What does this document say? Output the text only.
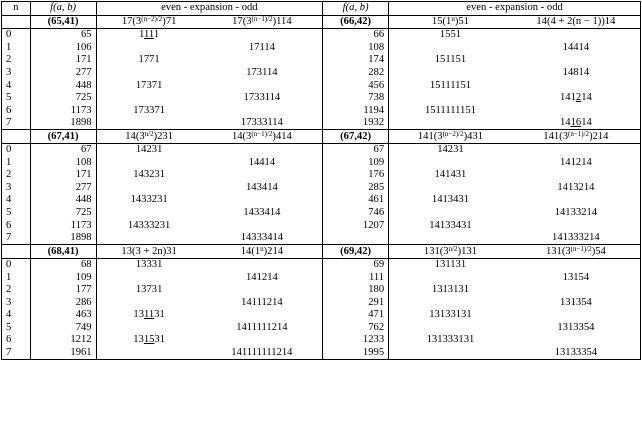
n	f(a, b)	even - expansion - odd		f(a, b)	even - expansion - odd	
	(65,41)	$17(3^{(n-2)/2})71$	$17(3^{(n-1)/2})114$	(66,42)	15(1$^n$)51	14(4 + 2(n − 1))14
0	65	1111		66	1551	
1	106		17114	108		14414
2	171	1771		174	151151	
3	277		173114	282		14814
4	448	17371		456	15111151	
5	725		1733114	738		141214
6	1173	173371		1194	1511111151	
7	1898		17333114	1932		141614
	(67,41)	$14(3^{n/2})231$	$14(3^{(n-1)/2})414$	(67,42)	$141(3^{(n-2)/2})431$	$141(3^{(n-1)/2})214$
0	67	14231		67	14231	
1	108		14414	109		141214
2	171	143231		176	141431	
3	277		143414	285		1413214
4	448	1433231		461	1413431	
5	725		1433414	746		14133214
6	1173	14333231		1207	14133431	
7	1898		14333414			141333214
	(68,41)	13(3 + 2n)31	14(1$^n$)214	(69,42)	$131(3^{n/2})131$	$131(3^{(n-1)/2})54$
0	68	13331		69	131131	
1	109		141214	111		13154
2	177	13731		180	1313131	
3	286		14111214	291		131354
4	463	131131		471	13133131	
5	749		1411111214	762		1313354
6	1212	131531		1233	131333131	
7	1961		141111111214	1995		13133354
